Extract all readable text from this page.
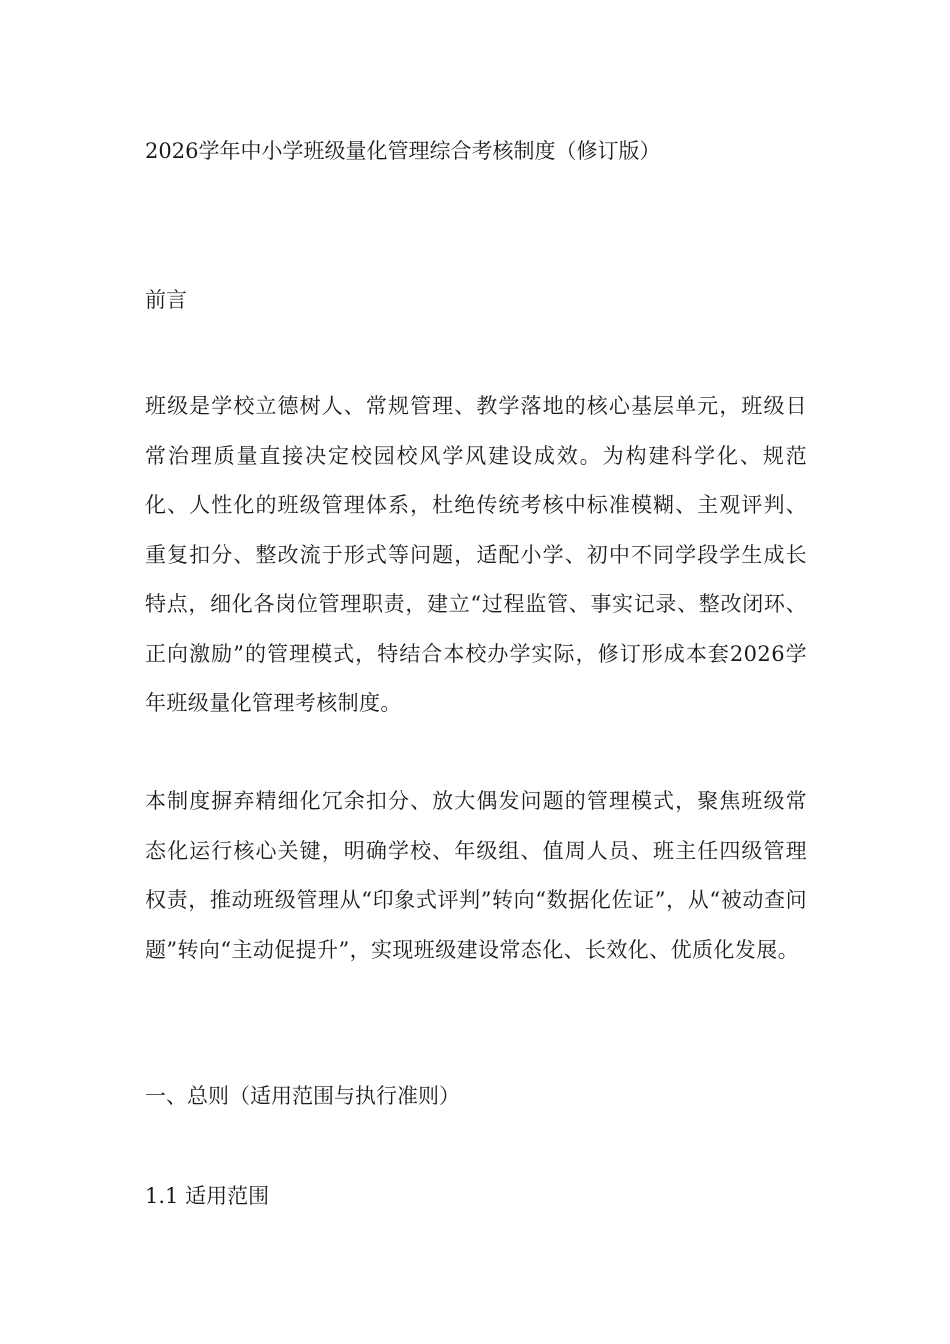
2026学年中小学班级量化管理综合考核制度（修订版）
前言

班级是学校立德树人、常规管理、教学落地的核心基层单元，班级日常治理质量直接决定校园校风学风建设成效。为构建科学化、规范化、人性化的班级管理体系，杜绝传统考核中标准模糊、主观评判、重复扣分、整改流于形式等问题，适配小学、初中不同学段学生成长特点，细化各岗位管理职责，建立“过程监管、事实记录、整改闭环、正向激励”的管理模式，特结合本校办学实际，修订形成本套2026学年班级量化管理考核制度。

本制度摒弃精细化冗余扣分、放大偶发问题的管理模式，聚焦班级常态化运行核心关键，明确学校、年级组、值周人员、班主任四级管理权责，推动班级管理从“印象式评判”转向“数据化佐证”，从“被动查问题”转向“主动促提升”，实现班级建设常态化、长效化、优质化发展。

一、总则（适用范围与执行准则）
1.1 适用范围
